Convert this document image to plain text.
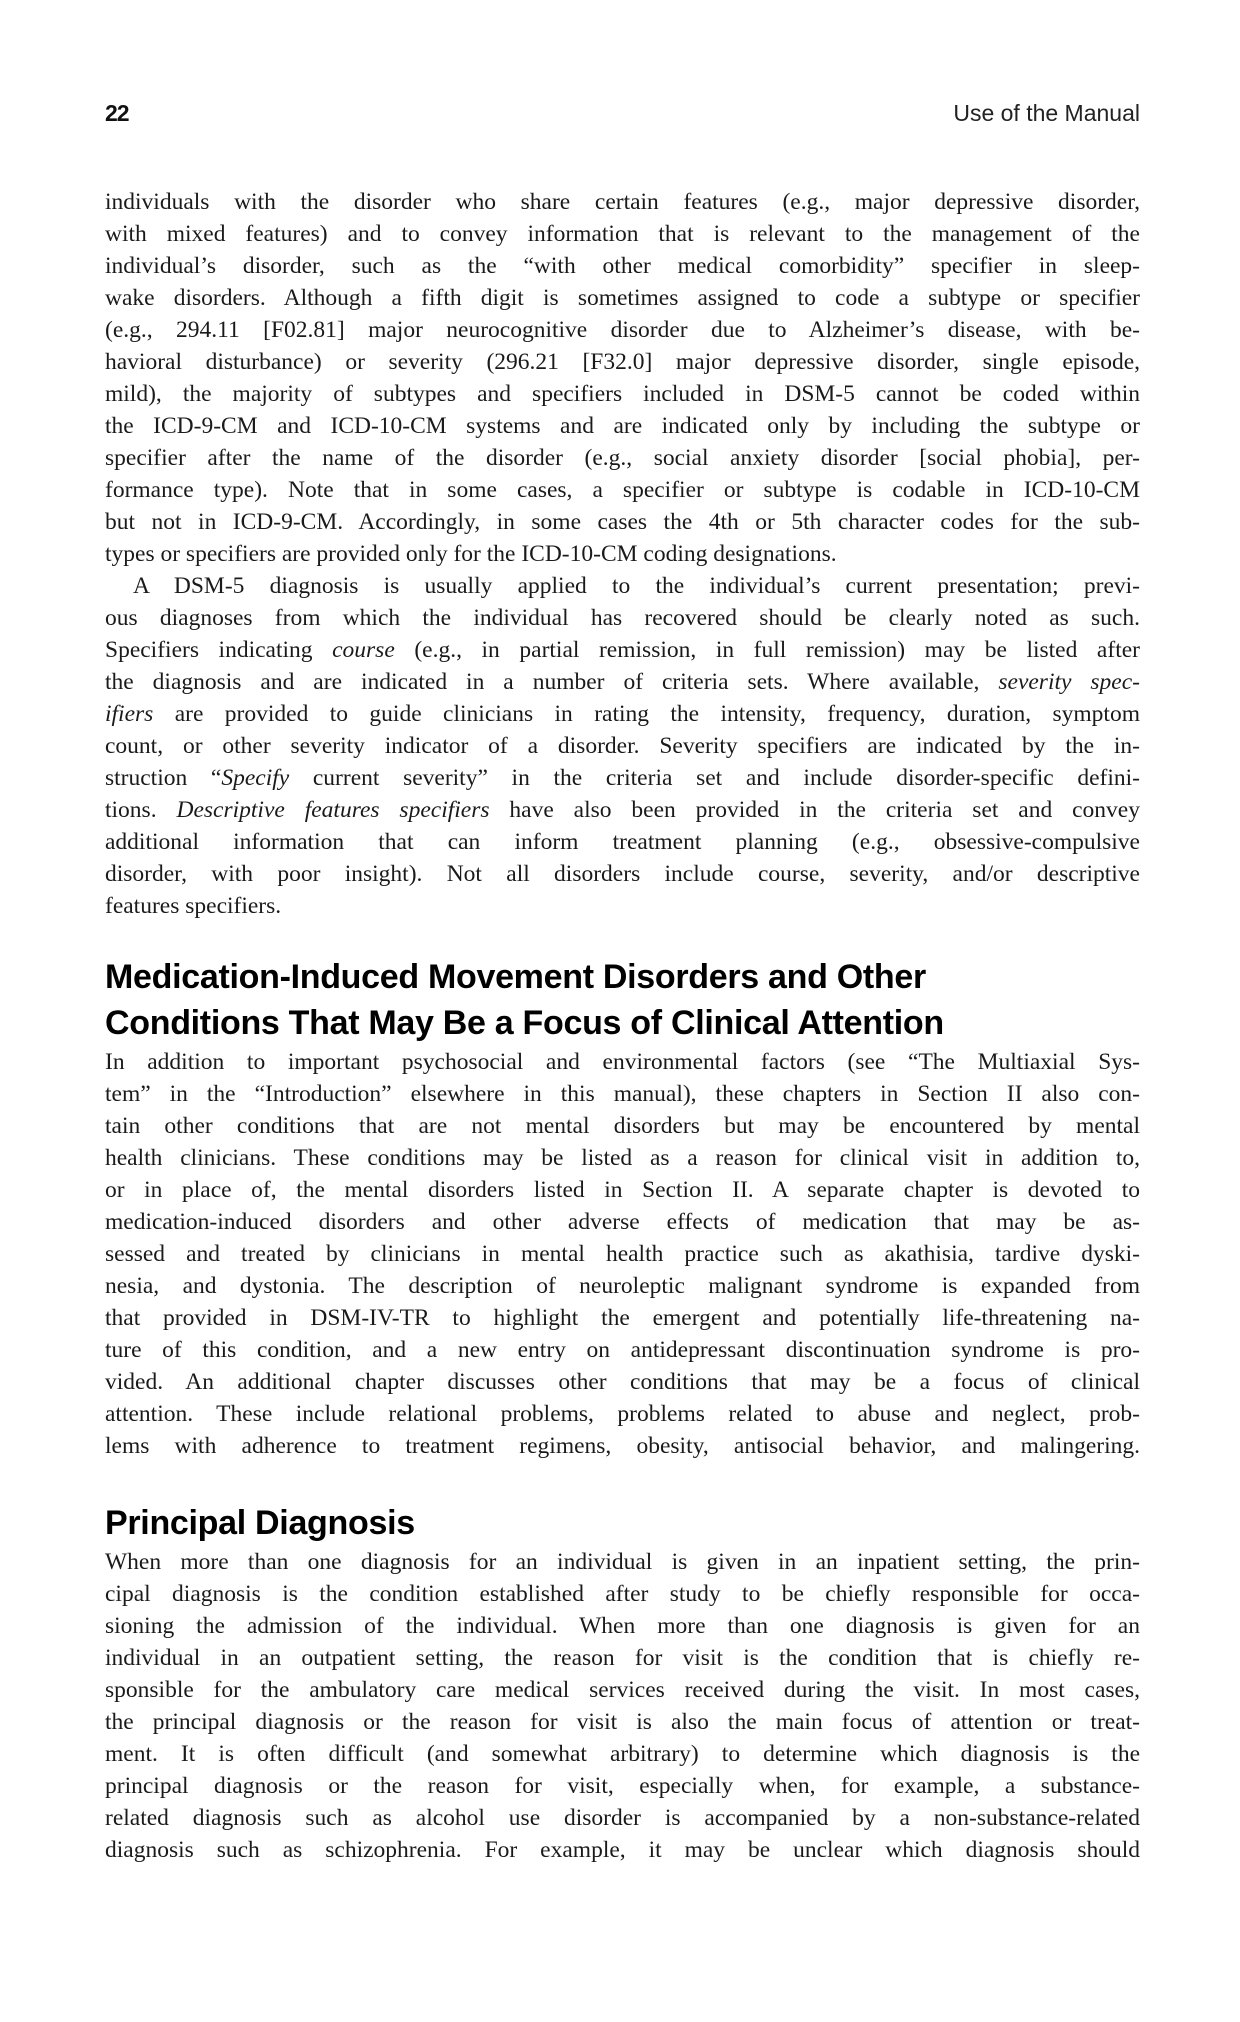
22	Use of the Manual
individuals with the disorder who share certain features (e.g., major depressive disorder,
with mixed features) and to convey information that is relevant to the management of the
individual’s disorder, such as the “with other medical comorbidity” specifier in sleep-
wake disorders. Although a fifth digit is sometimes assigned to code a subtype or specifier
(e.g., 294.11 [F02.81] major neurocognitive disorder due to Alzheimer’s disease, with be-
havioral disturbance) or severity (296.21 [F32.0] major depressive disorder, single episode,
mild), the majority of subtypes and specifiers included in DSM-5 cannot be coded within
the ICD-9-CM and ICD-10-CM systems and are indicated only by including the subtype or
specifier after the name of the disorder (e.g., social anxiety disorder [social phobia], per-
formance type). Note that in some cases, a specifier or subtype is codable in ICD-10-CM
but not in ICD-9-CM. Accordingly, in some cases the 4th or 5th character codes for the sub-
types or specifiers are provided only for the ICD-10-CM coding designations.
A DSM-5 diagnosis is usually applied to the individual’s current presentation; previ-
ous diagnoses from which the individual has recovered should be clearly noted as such.
Specifiers indicating course (e.g., in partial remission, in full remission) may be listed after
the diagnosis and are indicated in a number of criteria sets. Where available, severity spec-
ifiers are provided to guide clinicians in rating the intensity, frequency, duration, symptom
count, or other severity indicator of a disorder. Severity specifiers are indicated by the in-
struction “Specify current severity” in the criteria set and include disorder-specific defini-
tions. Descriptive features specifiers have also been provided in the criteria set and convey
additional information that can inform treatment planning (e.g., obsessive-compulsive
disorder, with poor insight). Not all disorders include course, severity, and/or descriptive
features specifiers.
Medication-Induced Movement Disorders and Other
Conditions That May Be a Focus of Clinical Attention
In addition to important psychosocial and environmental factors (see “The Multiaxial Sys-
tem” in the “Introduction” elsewhere in this manual), these chapters in Section II also con-
tain other conditions that are not mental disorders but may be encountered by mental
health clinicians. These conditions may be listed as a reason for clinical visit in addition to,
or in place of, the mental disorders listed in Section II. A separate chapter is devoted to
medication-induced disorders and other adverse effects of medication that may be as-
sessed and treated by clinicians in mental health practice such as akathisia, tardive dyski-
nesia, and dystonia. The description of neuroleptic malignant syndrome is expanded from
that provided in DSM-IV-TR to highlight the emergent and potentially life-threatening na-
ture of this condition, and a new entry on antidepressant discontinuation syndrome is pro-
vided. An additional chapter discusses other conditions that may be a focus of clinical
attention. These include relational problems, problems related to abuse and neglect, prob-
lems with adherence to treatment regimens, obesity, antisocial behavior, and malingering.
Principal Diagnosis
When more than one diagnosis for an individual is given in an inpatient setting, the prin-
cipal diagnosis is the condition established after study to be chiefly responsible for occa-
sioning the admission of the individual. When more than one diagnosis is given for an
individual in an outpatient setting, the reason for visit is the condition that is chiefly re-
sponsible for the ambulatory care medical services received during the visit. In most cases,
the principal diagnosis or the reason for visit is also the main focus of attention or treat-
ment. It is often difficult (and somewhat arbitrary) to determine which diagnosis is the
principal diagnosis or the reason for visit, especially when, for example, a substance-
related diagnosis such as alcohol use disorder is accompanied by a non-substance-related
diagnosis such as schizophrenia. For example, it may be unclear which diagnosis should
